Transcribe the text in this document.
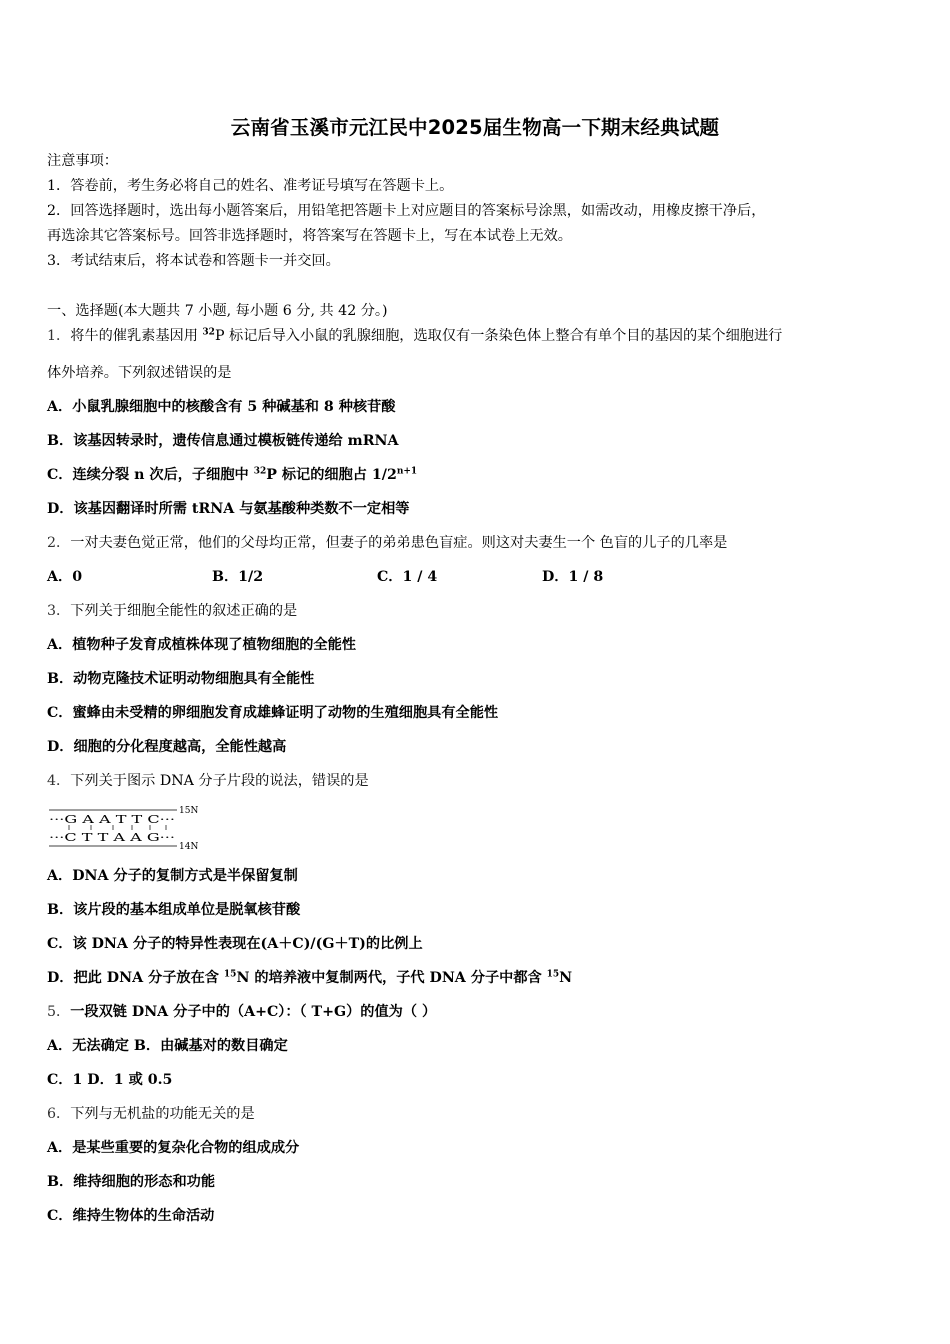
云南省玉溪市元江民中2025届生物高一下期末经典试题
注意事项：
1．答卷前，考生务必将自己的姓名、准考证号填写在答题卡上。
2．回答选择题时，选出每小题答案后，用铅笔把答题卡上对应题目的答案标号涂黑，如需改动，用橡皮擦干净后，
再选涂其它答案标号。回答非选择题时，将答案写在答题卡上，写在本试卷上无效。
3．考试结束后，将本试卷和答题卡一并交回。
一、选择题(本大题共 7 小题, 每小题 6 分, 共 42 分。)
1．将牛的催乳素基因用 $^{32}$P 标记后导入小鼠的乳腺细胞，选取仅有一条染色体上整合有单个目的基因的某个细胞进行
体外培养。下列叙述错误的是
A．小鼠乳腺细胞中的核酸含有 5 种碱基和 8 种核苷酸
B．该基因转录时，遗传信息通过模板链传递给 mRNA
C．连续分裂 n 次后，子细胞中 $^{32}$P 标记的细胞占 $1/2^{n+1}$
D．该基因翻译时所需 tRNA 与氨基酸种类数不一定相等
2．一对夫妻色觉正常，他们的父母均正常，但妻子的弟弟患色盲症。则这对夫妻生一个 色盲的儿子的几率是
A．0	B．1/2	C．1 / 4	D．1 / 8
3．下列关于细胞全能性的叙述正确的是
A．植物种子发育成植株体现了植物细胞的全能性
B．动物克隆技术证明动物细胞具有全能性
C．蜜蜂由未受精的卵细胞发育成雄蜂证明了动物的生殖细胞具有全能性
D．细胞的分化程度越高，全能性越高
4．下列关于图示 DNA 分子片段的说法，错误的是
···G A A T T C···
···C T T A A G···
15N
14N
A．DNA 分子的复制方式是半保留复制
B．该片段的基本组成单位是脱氧核苷酸
C．该 DNA 分子的特异性表现在(A＋C)/(G＋T)的比例上
D．把此 DNA 分子放在含 $^{15}$N 的培养液中复制两代，子代 DNA 分子中都含 $^{15}$N
5．一段双链 DNA 分子中的（A+C）：（ T+G）的值为（ ）
A．无法确定 B．由碱基对的数目确定
C．1 D．1 或 0.5
6．下列与无机盐的功能无关的是
A．是某些重要的复杂化合物的组成成分
B．维持细胞的形态和功能
C．维持生物体的生命活动
